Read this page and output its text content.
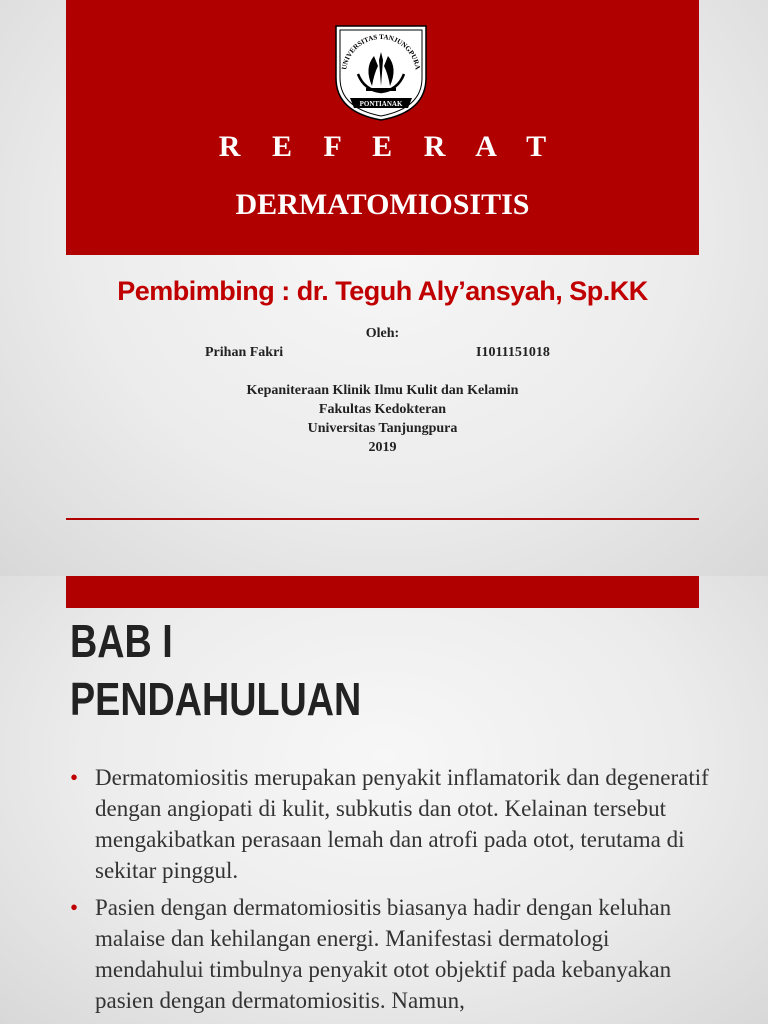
UNIVERSITAS TANJUNGPURA
PONTIANAK
R E F E R A T
DERMATOMIOSITIS
Pembimbing : dr. Teguh Aly’ansyah, Sp.KK
Oleh:
Prihan Fakri	I1011151018
Kepaniteraan Klinik Ilmu Kulit dan Kelamin
Fakultas Kedokteran
Universitas Tanjungpura
2019
BAB I
PENDAHULUAN
• Dermatomiositis merupakan penyakit inflamatorik dan degeneratif dengan angiopati di kulit, subkutis dan otot. Kelainan tersebut mengakibatkan perasaan lemah dan atrofi pada otot, terutama di sekitar pinggul.
• Pasien dengan dermatomiositis biasanya hadir dengan keluhan malaise dan kehilangan energi. Manifestasi dermatologi mendahului timbulnya penyakit otot objektif pada kebanyakan pasien dengan dermatomiositis. Namun,
